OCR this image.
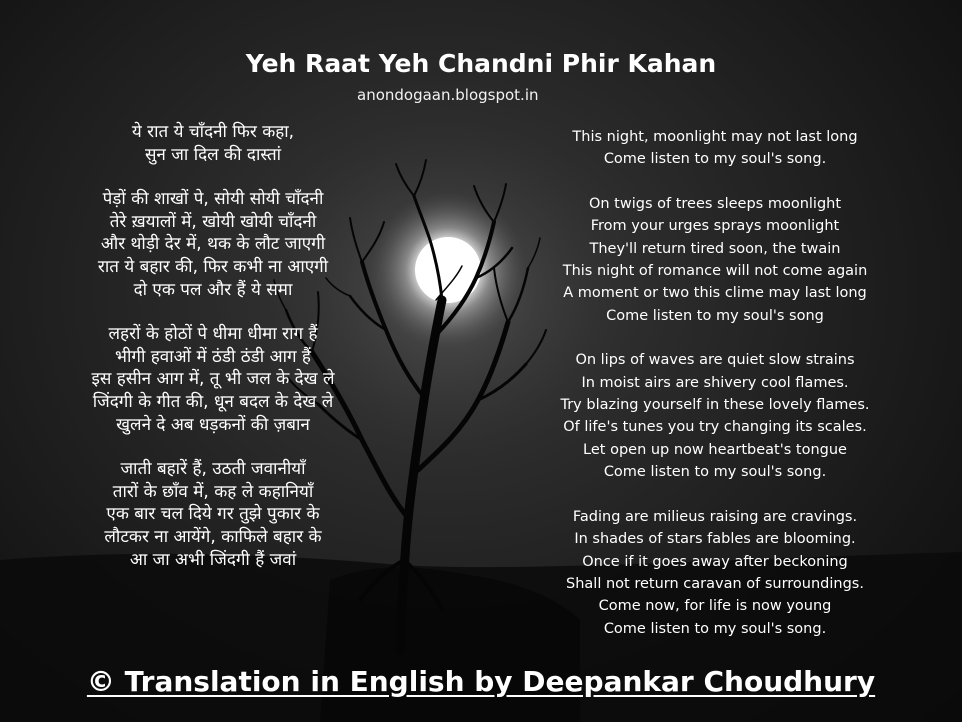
Yeh Raat Yeh Chandni Phir Kahan
anondogaan.blogspot.in
ये रात ये चाँदनी फिर कहा,
सुन जा दिल की दास्तां
पेड़ों की शाखों पे, सोयी सोयी चाँदनी
तेरे ख़यालों में, खोयी खोयी चाँदनी
और थोड़ी देर में, थक के लौट जाएगी
रात ये बहार की, फिर कभी ना आएगी
दो एक पल और हैं ये समा
लहरों के होठों पे धीमा धीमा राग हैं
भीगी हवाओं में ठंडी ठंडी आग हैं
इस हसीन आग में, तू भी जल के देख ले
जिंदगी के गीत की, धून बदल के देख ले
खुलने दे अब धड़कनों की ज़बान
जाती बहारें हैं, उठती जवानीयाँ
तारों के छाँव में, कह ले कहानियाँ
एक बार चल दिये गर तुझे पुकार के
लौटकर ना आयेंगे, काफिले बहार के
आ जा अभी जिंदगी हैं जवां
This night, moonlight may not last long
Come listen to my soul's song.
On twigs of trees sleeps moonlight
From your urges sprays moonlight
They'll return tired soon, the twain
This night of romance will not come again
A moment or two this clime may last long
Come listen to my soul's song
On lips of waves are quiet slow strains
In moist airs are shivery cool flames.
Try blazing yourself in these lovely flames.
Of life's tunes you try changing its scales.
Let open up now heartbeat's tongue
Come listen to my soul's song.
Fading are milieus raising are cravings.
In shades of stars fables are blooming.
Once if it goes away after beckoning
Shall not return caravan of surroundings.
Come now, for life is now young
Come listen to my soul's song.
© Translation in English by Deepankar Choudhury
